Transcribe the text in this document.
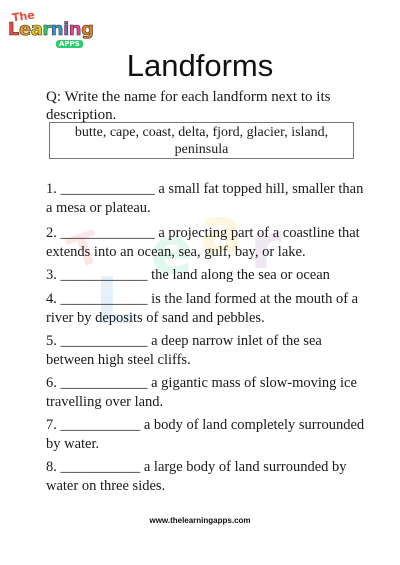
The
Learning
APPS
T
L
e a r
Landforms

Q: Write the name for each landform next to its description.

butte, cape, coast, delta, fjord, glacier, island, peninsula
1. _____________ a small fat topped hill, smaller than a mesa or plateau.
2. _____________ a projecting part of a coastline that extends into an ocean, sea, gulf, bay, or lake.
3. ____________ the land along the sea or ocean
4. ____________ is the land formed at the mouth of a river by deposits of sand and pebbles.
5. ____________ a deep narrow inlet of the sea between high steel cliffs.
6. ____________ a gigantic mass of slow-moving ice travelling over land.
7. ___________ a body of land completely surrounded by water.
8. ___________ a large body of land surrounded by water on three sides.
www.thelearningapps.com
